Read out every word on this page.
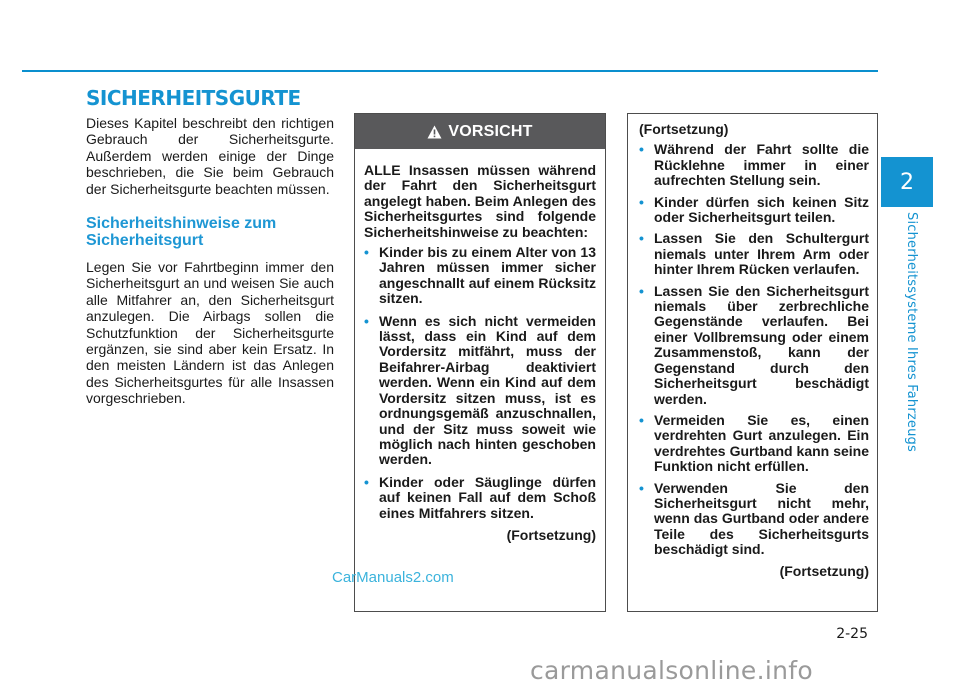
SICHERHEITSGURTE

Dieses Kapitel beschreibt den richtigen Gebrauch der Sicherheitsgurte. Außerdem werden einige der Dinge beschrieben, die Sie beim Gebrauch der Sicherheitsgurte beachten müssen.

Sicherheitshinweise zum Sicherheitsgurt

Legen Sie vor Fahrtbeginn immer den Sicherheitsgurt an und weisen Sie auch alle Mitfahrer an, den Sicherheitsgurt anzulegen. Die Airbags sollen die Schutzfunktion der Sicherheitsgurte ergänzen, sie sind aber kein Ersatz. In den meisten Ländern ist das Anlegen des Sicherheitsgurtes für alle Insassen vorgeschrieben.

VORSICHT

ALLE Insassen müssen während der Fahrt den Sicherheitsgurt angelegt haben. Beim Anlegen des Sicherheitsgurtes sind folgende Sicherheitshinweise zu beachten:

• Kinder bis zu einem Alter von 13 Jahren müssen immer sicher angeschnallt auf einem Rücksitz sitzen.
• Wenn es sich nicht vermeiden lässt, dass ein Kind auf dem Vordersitz mitfährt, muss der Beifahrer-Airbag deaktiviert werden. Wenn ein Kind auf dem Vordersitz sitzen muss, ist es ordnungsgemäß anzuschnallen, und der Sitz muss soweit wie möglich nach hinten geschoben werden.
• Kinder oder Säuglinge dürfen auf keinen Fall auf dem Schoß eines Mitfahrers sitzen.

(Fortsetzung)

(Fortsetzung)

• Während der Fahrt sollte die Rücklehne immer in einer aufrechten Stellung sein.
• Kinder dürfen sich keinen Sitz oder Sicherheitsgurt teilen.
• Lassen Sie den Schultergurt niemals unter Ihrem Arm oder hinter Ihrem Rücken verlaufen.
• Lassen Sie den Sicherheitsgurt niemals über zerbrechliche Gegenstände verlaufen. Bei einer Vollbremsung oder einem Zusammenstoß, kann der Gegenstand durch den Sicherheitsgurt beschädigt werden.
• Vermeiden Sie es, einen verdrehten Gurt anzulegen. Ein verdrehtes Gurtband kann seine Funktion nicht erfüllen.
• Verwenden Sie den Sicherheitsgurt nicht mehr, wenn das Gurtband oder andere Teile des Sicherheitsgurts beschädigt sind.

(Fortsetzung)

2
Sicherheitssysteme Ihres Fahrzeugs
2-25
CarManuals2.com
carmanualsonline.info
